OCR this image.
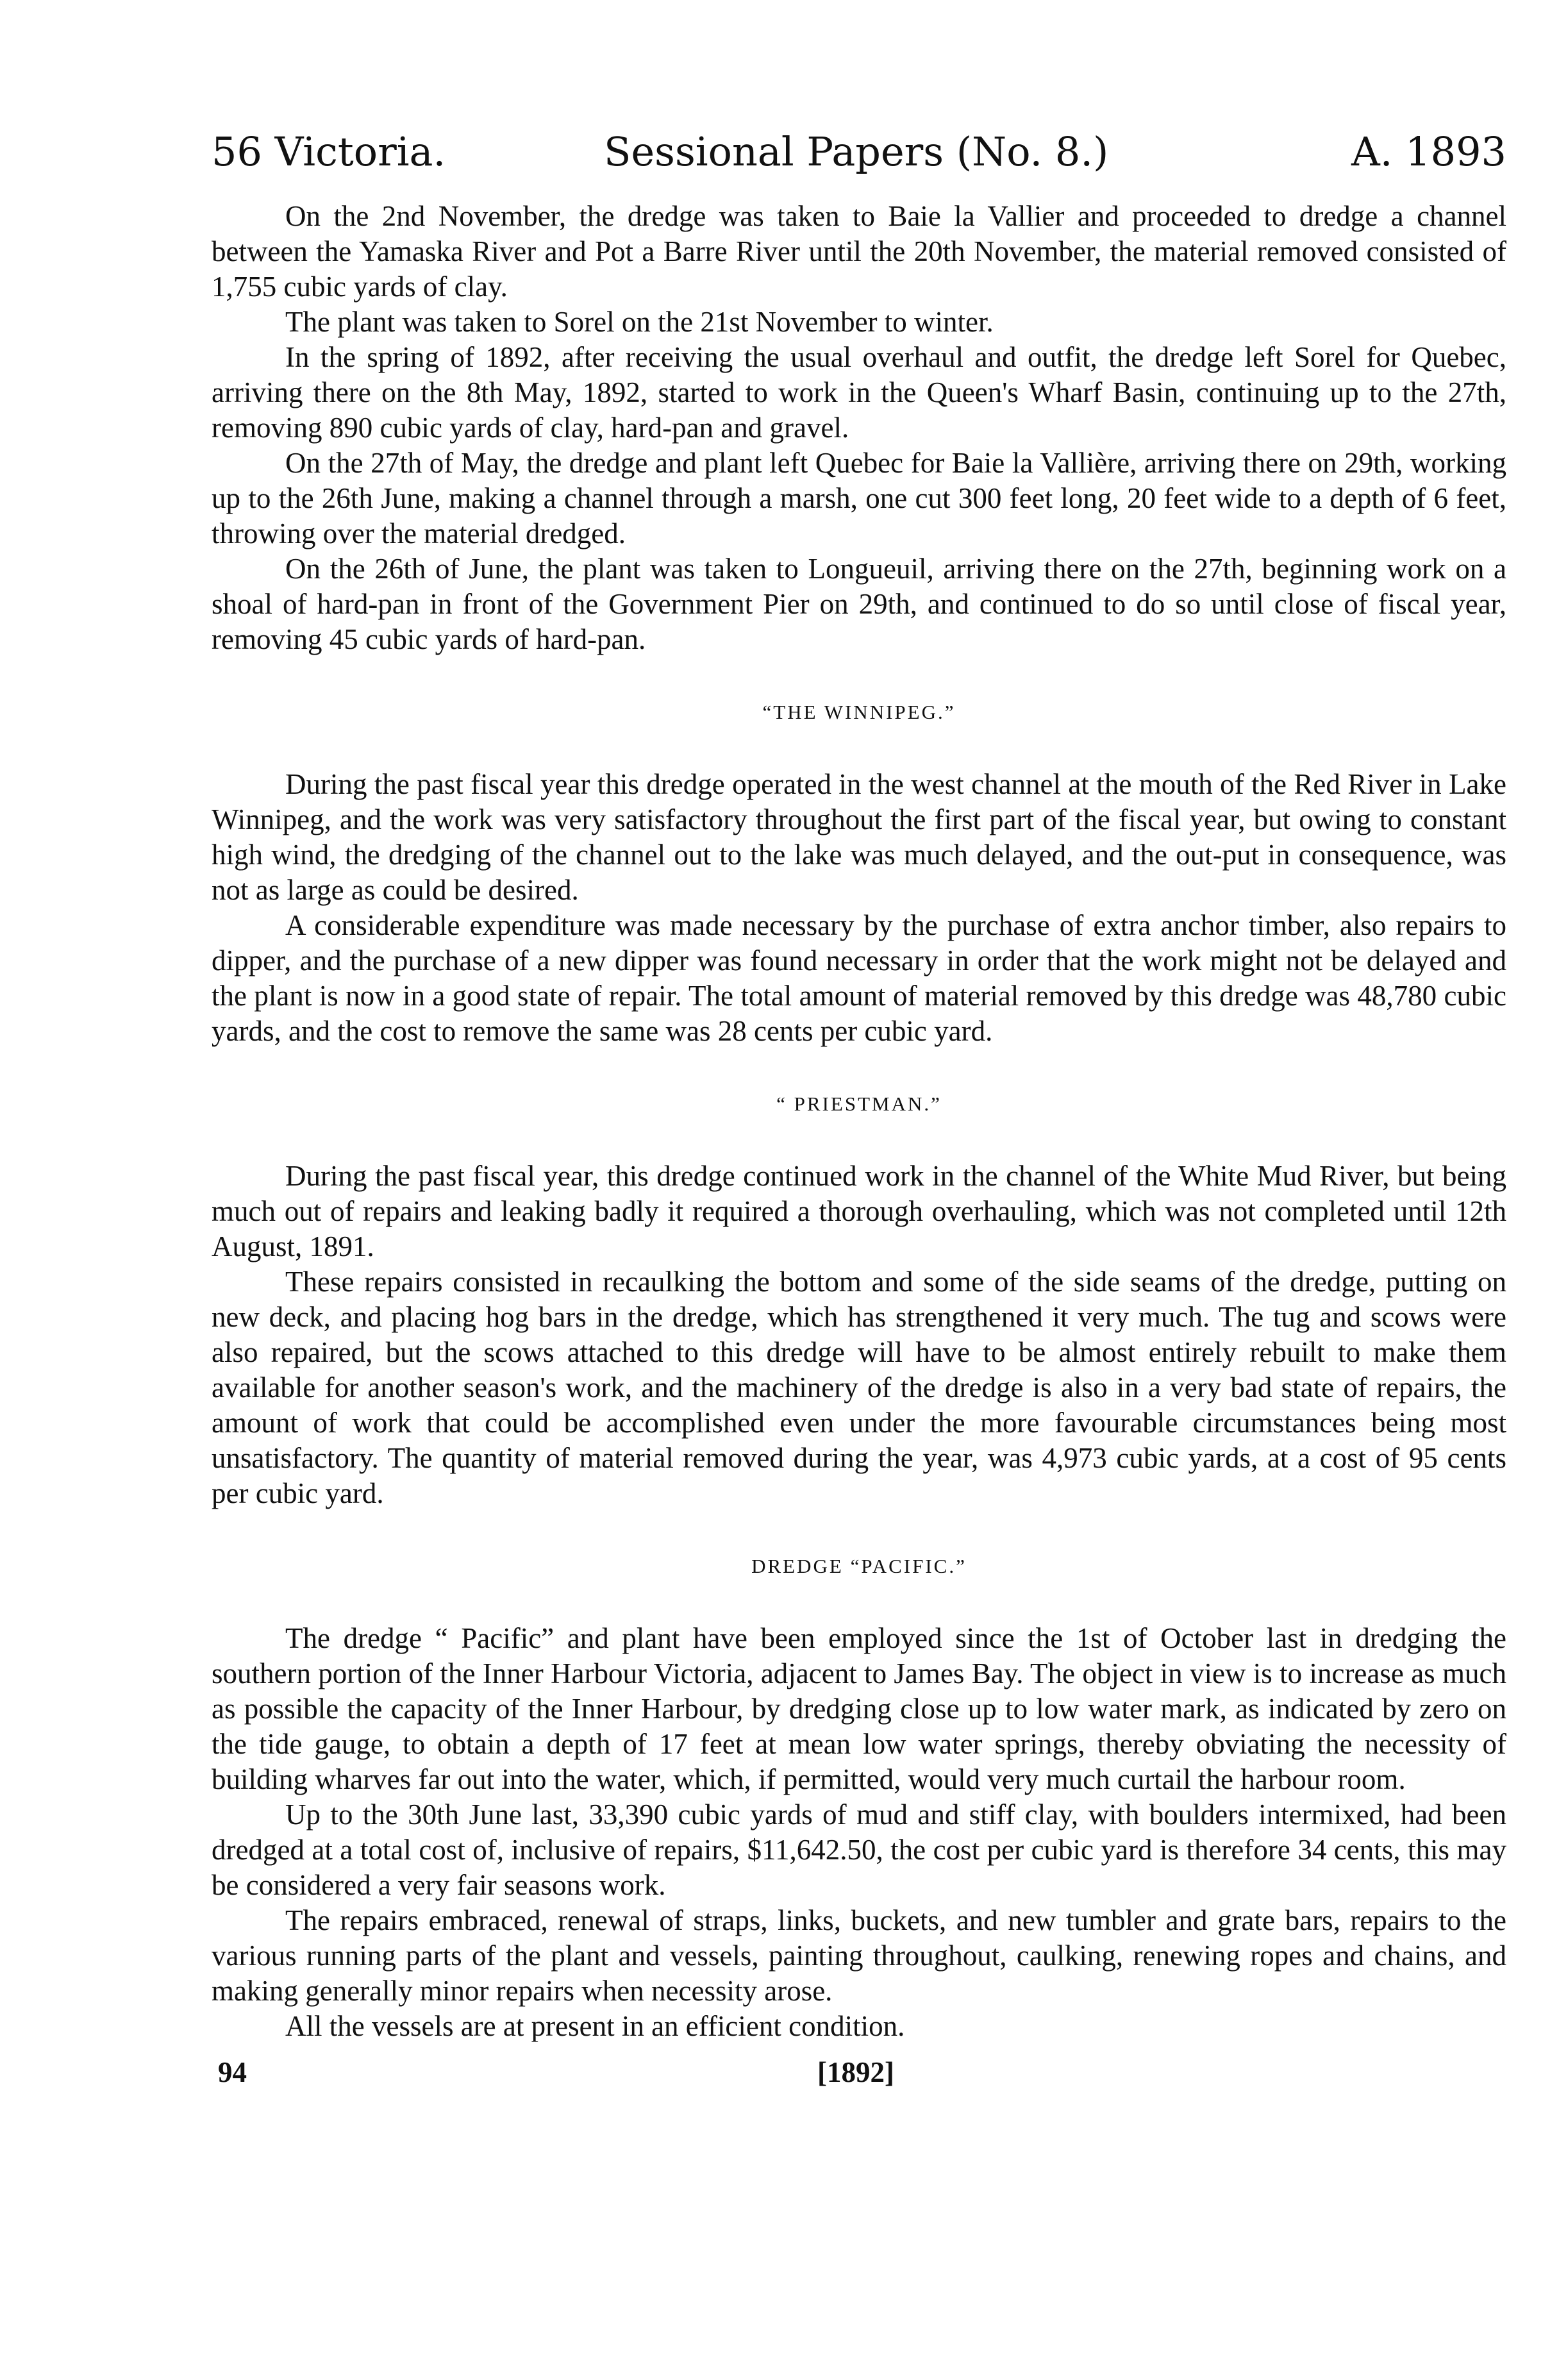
56 Victoria.	Sessional Papers (No. 8.)	A. 1893

On the 2nd November, the dredge was taken to Baie la Vallier and proceeded to dredge a channel between the Yamaska River and Pot a Barre River until the 20th November, the material removed consisted of 1,755 cubic yards of clay.

The plant was taken to Sorel on the 21st November to winter.

In the spring of 1892, after receiving the usual overhaul and outfit, the dredge left Sorel for Quebec, arriving there on the 8th May, 1892, started to work in the Queen's Wharf Basin, continuing up to the 27th, removing 890 cubic yards of clay, hard-pan and gravel.

On the 27th of May, the dredge and plant left Quebec for Baie la Vallière, arriving there on 29th, working up to the 26th June, making a channel through a marsh, one cut 300 feet long, 20 feet wide to a depth of 6 feet, throwing over the material dredged.

On the 26th of June, the plant was taken to Longueuil, arriving there on the 27th, beginning work on a shoal of hard-pan in front of the Government Pier on 29th, and continued to do so until close of fiscal year, removing 45 cubic yards of hard-pan.

“THE WINNIPEG.”

During the past fiscal year this dredge operated in the west channel at the mouth of the Red River in Lake Winnipeg, and the work was very satisfactory throughout the first part of the fiscal year, but owing to constant high wind, the dredging of the channel out to the lake was much delayed, and the out-put in consequence, was not as large as could be desired.

A considerable expenditure was made necessary by the purchase of extra anchor timber, also repairs to dipper, and the purchase of a new dipper was found necessary in order that the work might not be delayed and the plant is now in a good state of repair. The total amount of material removed by this dredge was 48,780 cubic yards, and the cost to remove the same was 28 cents per cubic yard.

“ PRIESTMAN.”

During the past fiscal year, this dredge continued work in the channel of the White Mud River, but being much out of repairs and leaking badly it required a thorough overhauling, which was not completed until 12th August, 1891.

These repairs consisted in recaulking the bottom and some of the side seams of the dredge, putting on new deck, and placing hog bars in the dredge, which has strengthened it very much. The tug and scows were also repaired, but the scows attached to this dredge will have to be almost entirely rebuilt to make them available for another season's work, and the machinery of the dredge is also in a very bad state of repairs, the amount of work that could be accomplished even under the more favourable circumstances being most unsatisfactory. The quantity of material removed during the year, was 4,973 cubic yards, at a cost of 95 cents per cubic yard.

DREDGE “PACIFIC.”

The dredge “ Pacific” and plant have been employed since the 1st of October last in dredging the southern portion of the Inner Harbour Victoria, adjacent to James Bay. The object in view is to increase as much as possible the capacity of the Inner Harbour, by dredging close up to low water mark, as indicated by zero on the tide gauge, to obtain a depth of 17 feet at mean low water springs, thereby obviating the necessity of building wharves far out into the water, which, if permitted, would very much curtail the harbour room.

Up to the 30th June last, 33,390 cubic yards of mud and stiff clay, with boulders intermixed, had been dredged at a total cost of, inclusive of repairs, $11,642.50, the cost per cubic yard is therefore 34 cents, this may be considered a very fair seasons work.

The repairs embraced, renewal of straps, links, buckets, and new tumbler and grate bars, repairs to the various running parts of the plant and vessels, painting throughout, caulking, renewing ropes and chains, and making generally minor repairs when necessity arose.

All the vessels are at present in an efficient condition.

94	[1892]
